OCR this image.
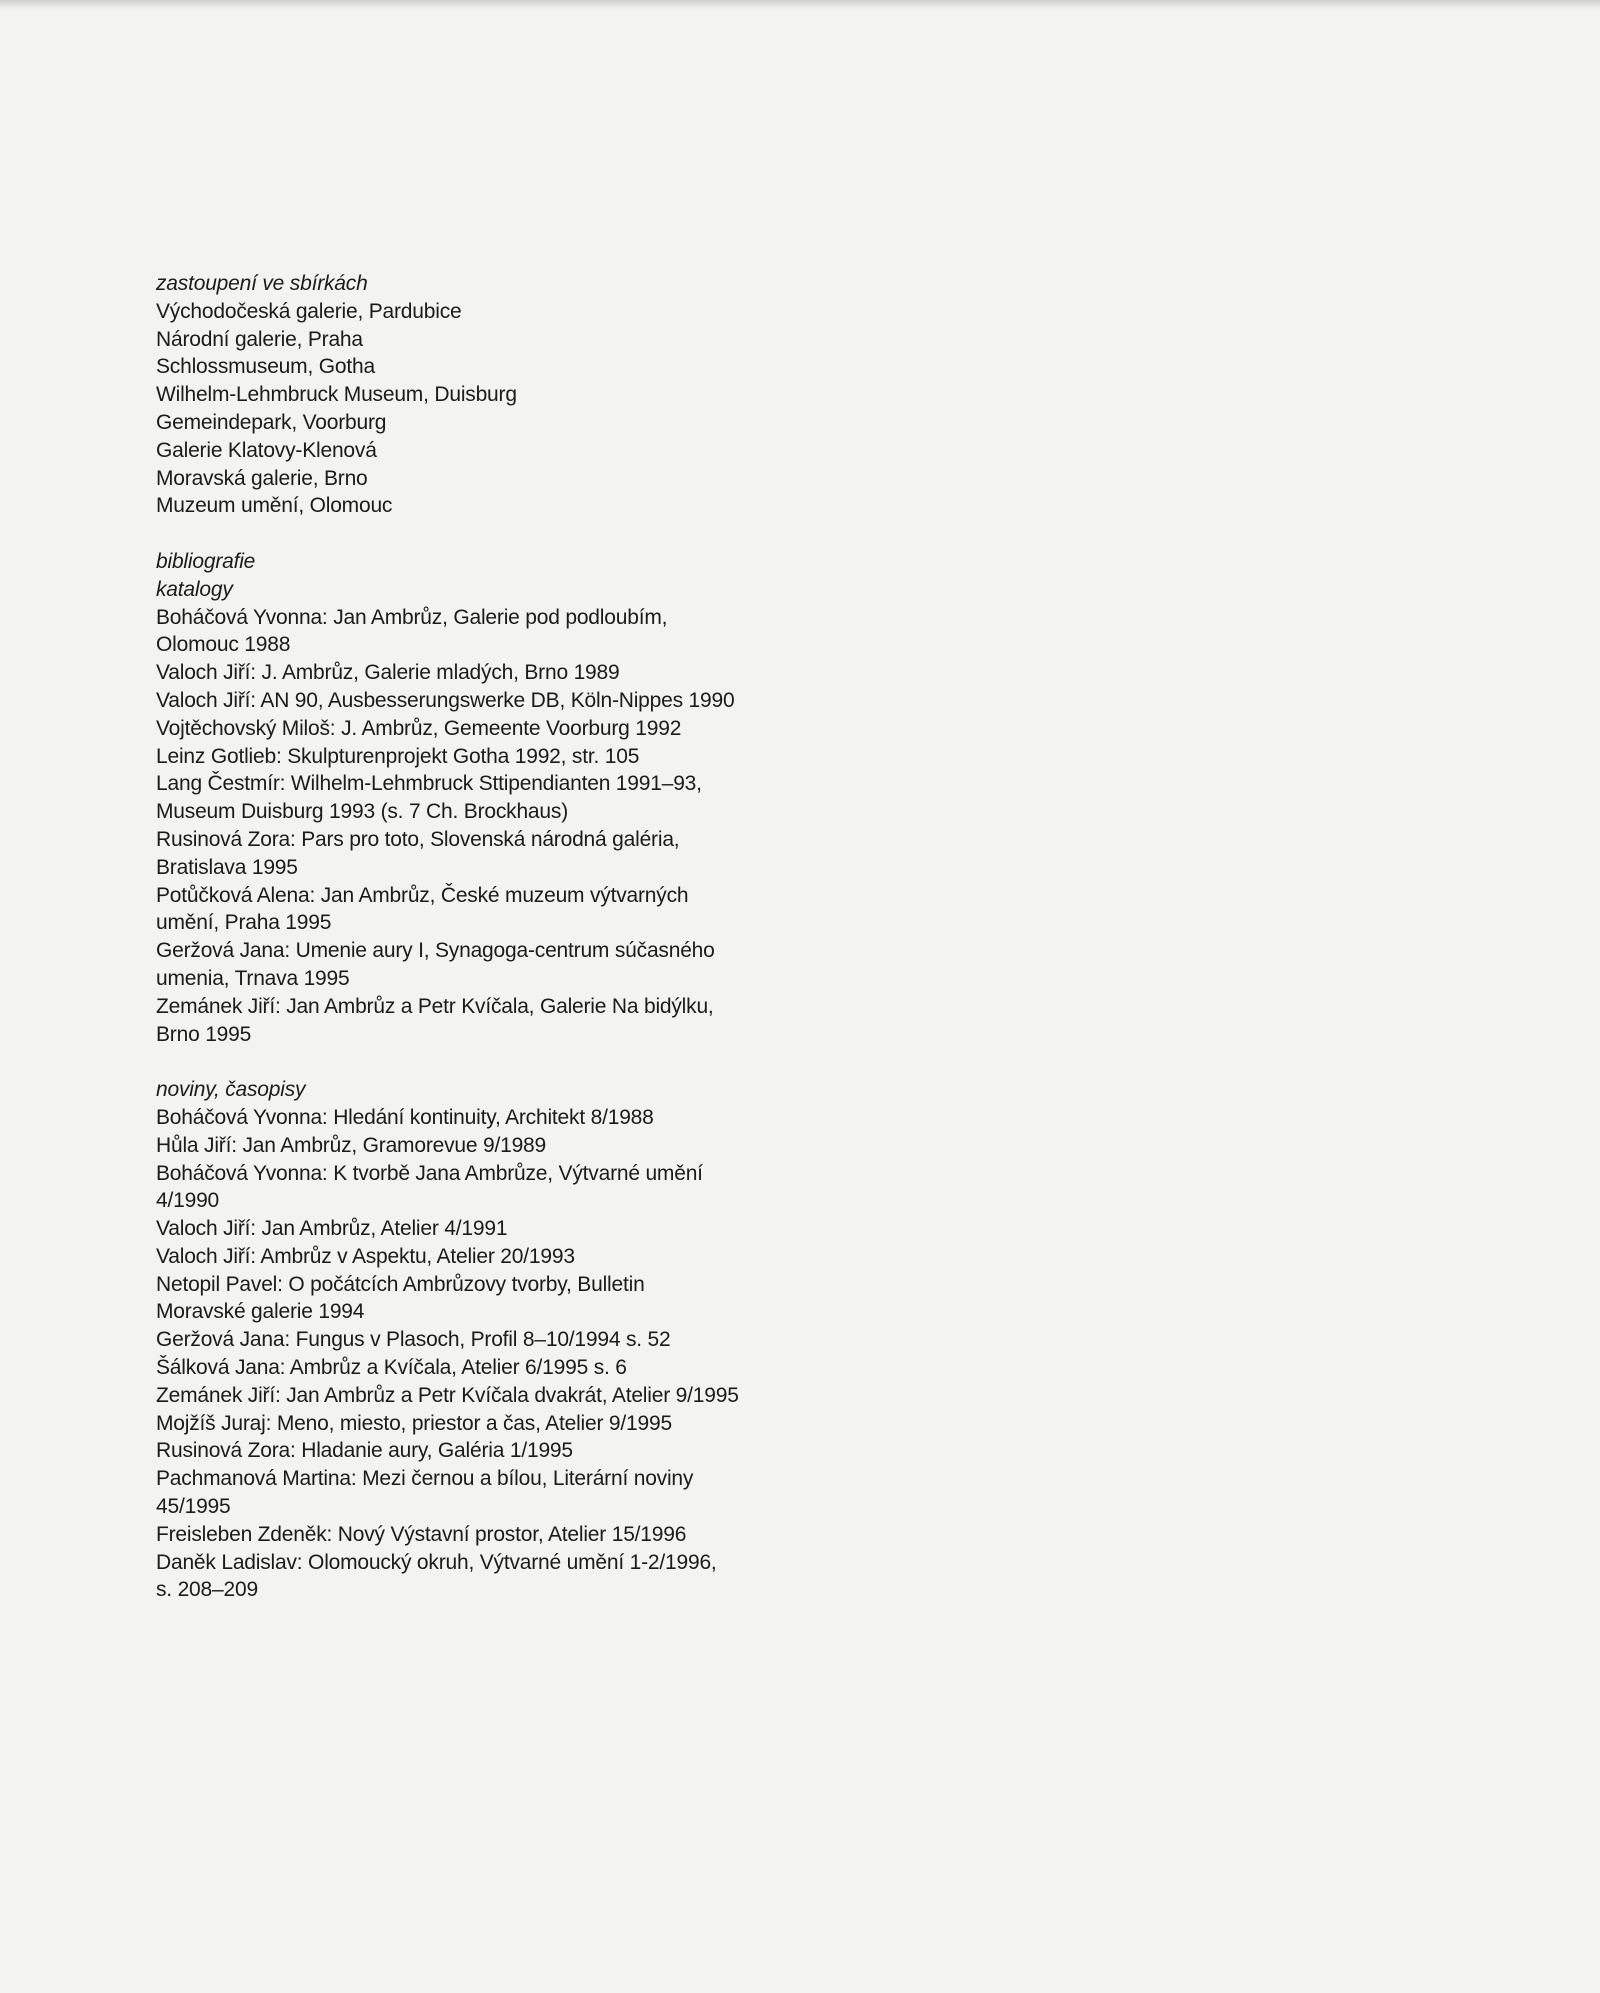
zastoupení ve sbírkách

Východočeská galerie, Pardubice

Národní galerie, Praha

Schlossmuseum, Gotha

Wilhelm-Lehmbruck Museum, Duisburg

Gemeindepark, Voorburg

Galerie Klatovy-Klenová

Moravská galerie, Brno

Muzeum umění, Olomouc

bibliografie

katalogy

Boháčová Yvonna: Jan Ambrůz, Galerie pod podloubím,
Olomouc 1988

Valoch Jiří: J. Ambrůz, Galerie mladých, Brno 1989

Valoch Jiří: AN 90, Ausbesserungswerke DB, Köln-Nippes 1990

Vojtěchovský Miloš: J. Ambrůz, Gemeente Voorburg 1992

Leinz Gotlieb: Skulpturenprojekt Gotha 1992, str. 105

Lang Čestmír: Wilhelm-Lehmbruck Sttipendianten 1991–93,
Museum Duisburg 1993 (s. 7 Ch. Brockhaus)

Rusinová Zora: Pars pro toto, Slovenská národná galéria,
Bratislava 1995

Potůčková Alena: Jan Ambrůz, České muzeum výtvarných
umění, Praha 1995

Geržová Jana: Umenie aury I, Synagoga-centrum súčasného
umenia, Trnava 1995

Zemánek Jiří: Jan Ambrůz a Petr Kvíčala, Galerie Na bidýlku,
Brno 1995

noviny, časopisy

Boháčová Yvonna: Hledání kontinuity, Architekt 8/1988

Hůla Jiří: Jan Ambrůz, Gramorevue 9/1989

Boháčová Yvonna: K tvorbě Jana Ambrůze, Výtvarné umění
4/1990

Valoch Jiří: Jan Ambrůz, Atelier 4/1991

Valoch Jiří: Ambrůz v Aspektu, Atelier 20/1993

Netopil Pavel: O počátcích Ambrůzovy tvorby, Bulletin
Moravské galerie 1994

Geržová Jana: Fungus v Plasoch, Profil 8–10/1994 s. 52

Šálková Jana: Ambrůz a Kvíčala, Atelier 6/1995 s. 6

Zemánek Jiří: Jan Ambrůz a Petr Kvíčala dvakrát, Atelier 9/1995

Mojžíš Juraj: Meno, miesto, priestor a čas, Atelier 9/1995

Rusinová Zora: Hladanie aury, Galéria 1/1995

Pachmanová Martina: Mezi černou a bílou, Literární noviny
45/1995

Freisleben Zdeněk: Nový Výstavní prostor, Atelier 15/1996

Daněk Ladislav: Olomoucký okruh, Výtvarné umění 1-2/1996,
s. 208–209
